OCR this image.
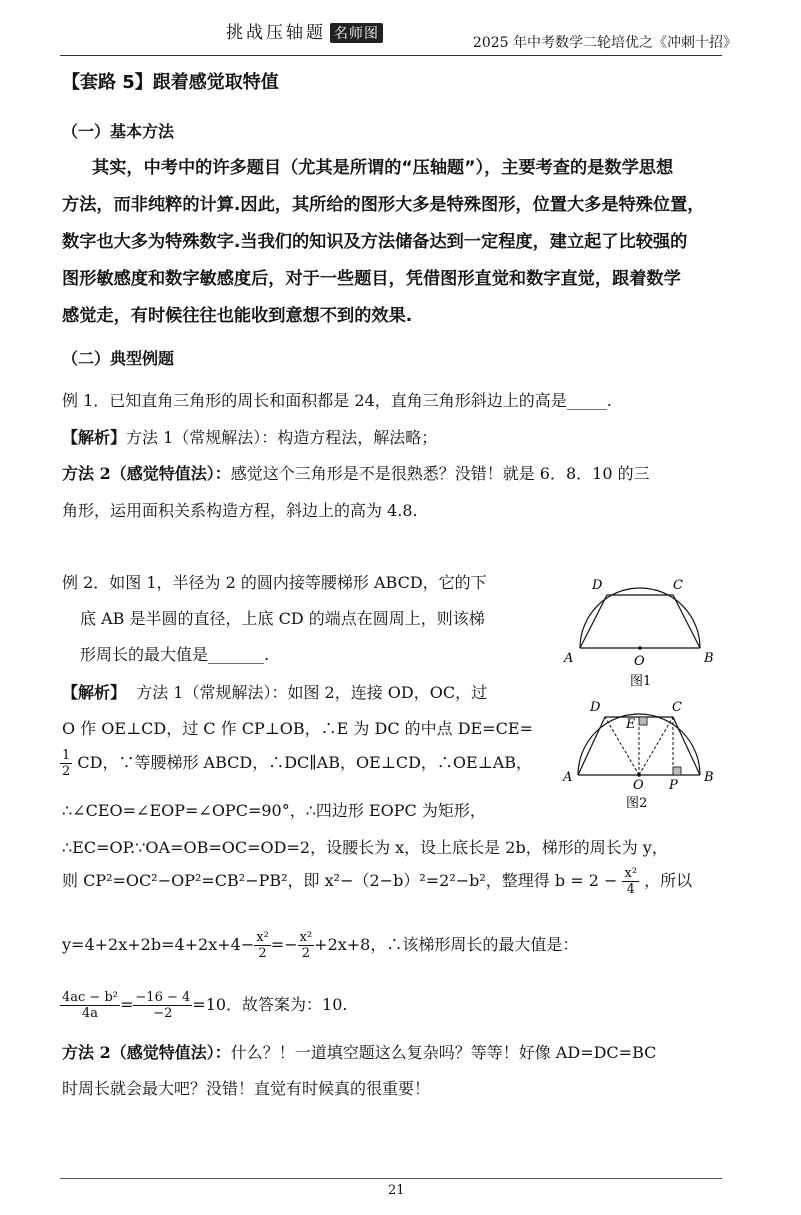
挑战压轴题 名师图
2025 年中考数学二轮培优之《冲刺十招》
【套路 5】跟着感觉取特值
（一）基本方法
其实，中考中的许多题目（尤其是所谓的“压轴题”），主要考查的是数学思想
方法，而非纯粹的计算.因此，其所给的图形大多是特殊图形，位置大多是特殊位置，
数字也大多为特殊数字.当我们的知识及方法储备达到一定程度，建立起了比较强的
图形敏感度和数字敏感度后，对于一些题目，凭借图形直觉和数字直觉，跟着数学
感觉走，有时候往往也能收到意想不到的效果.
（二）典型例题
例 1．已知直角三角形的周长和面积都是 24，直角三角形斜边上的高是_____.
【解析】方法 1（常规解法）：构造方程法，解法略；
方法 2（感觉特值法）：感觉这个三角形是不是很熟悉？没错！就是 6．8．10 的三
角形，运用面积关系构造方程，斜边上的高为 4.8.
例 2．如图 1，半径为 2 的圆内接等腰梯形 ABCD，它的下
底 AB 是半圆的直径，上底 CD 的端点在圆周上，则该梯
形周长的最大值是_______.
D	C
A	B
O
图1
D	C
E
A	B
O P
图2
【解析】 方法 1（常规解法）：如图 2，连接 OD，OC，过
O 作 OE⊥CD，过 C 作 CP⊥OB，∴E 为 DC 的中点 DE=CE=
$\frac{1}{2}$ CD，∵等腰梯形 ABCD，∴DC∥AB，OE⊥CD，∴OE⊥AB，
∴∠CEO=∠EOP=∠OPC=90°，∴四边形 EOPC 为矩形，
∴EC=OP.∵OA=OB=OC=OD=2，设腰长为 x，设上底长是 2b，梯形的周长为 y，
则 CP²=OC²−OP²=CB²−PB²，即 x²−（2−b）²=2²−b²，整理得 $b = 2 - \frac{\text{x²}}{4}$ ，所以
$y=4+2x+2b=4+2x+4- \frac{\text{x²}}{2} =- \frac{\text{x²}}{2} +2x+8$，∴该梯形周长的最大值是：
$\frac{\text{4ac − b²}}{4a} = \frac{-16 - 4}{-2} =10$．故答案为：10.
方法 2（感觉特值法）：什么？！一道填空题这么复杂吗？等等！好像 AD=DC=BC
时周长就会最大吧？没错！直觉有时候真的很重要！
21
